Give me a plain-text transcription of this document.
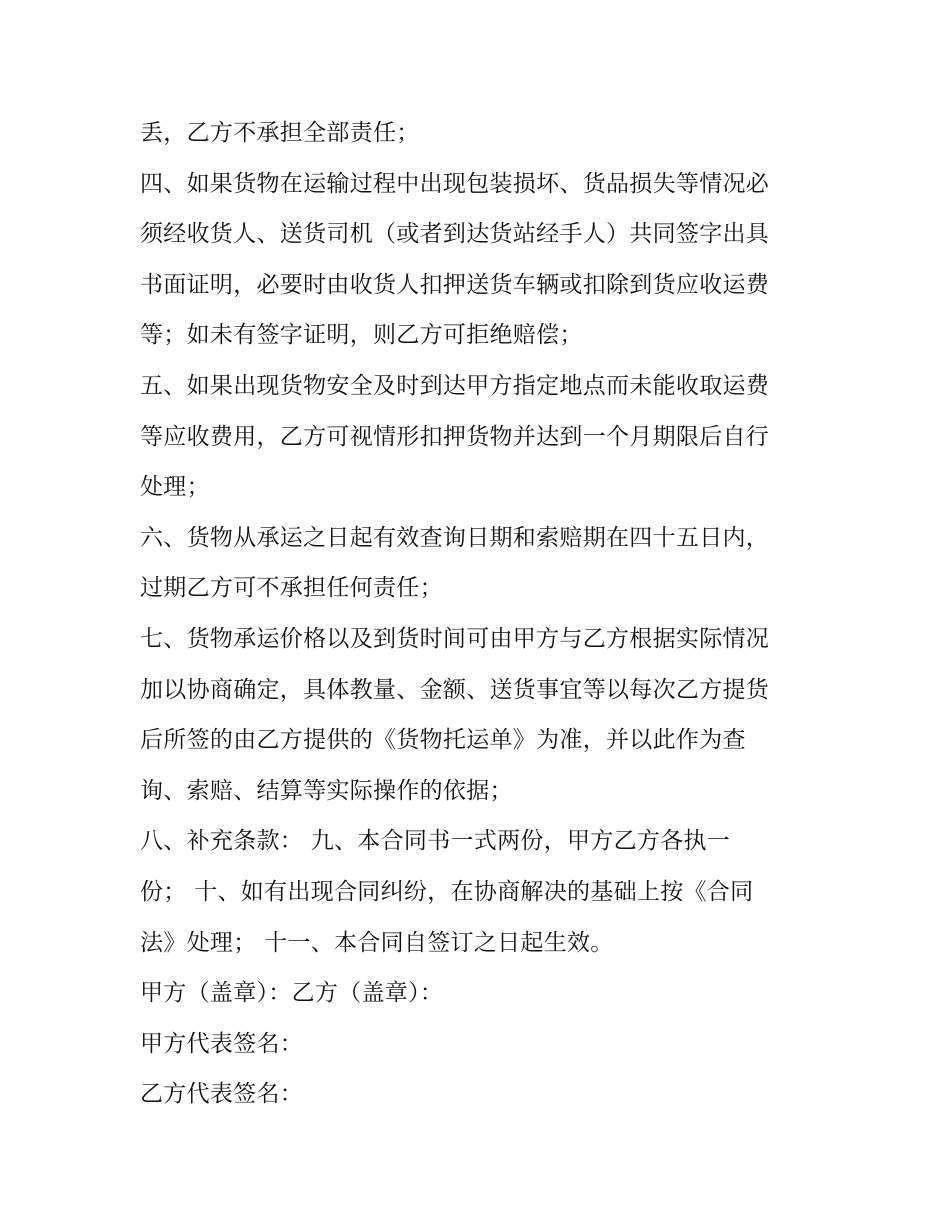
丢，乙方不承担全部责任；
四、如果货物在运输过程中出现包装损坏、货品损失等情况必
须经收货人、送货司机（或者到达货站经手人）共同签字出具
书面证明，必要时由收货人扣押送货车辆或扣除到货应收运费
等；如未有签字证明，则乙方可拒绝赔偿；
五、如果出现货物安全及时到达甲方指定地点而未能收取运费
等应收费用，乙方可视情形扣押货物并达到一个月期限后自行
处理；
六、货物从承运之日起有效查询日期和索赔期在四十五日内，
过期乙方可不承担任何责任；
七、货物承运价格以及到货时间可由甲方与乙方根据实际情况
加以协商确定，具体教量、金额、送货事宜等以每次乙方提货
后所签的由乙方提供的《货物托运单》为准，并以此作为查
询、索赔、结算等实际操作的依据；
八、补充条款： 九、本合同书一式两份，甲方乙方各执一
份； 十、如有出现合同纠纷，在协商解决的基础上按《合同
法》处理； 十一、本合同自签订之日起生效。
甲方（盖章）：乙方（盖章）：
甲方代表签名：
乙方代表签名：
